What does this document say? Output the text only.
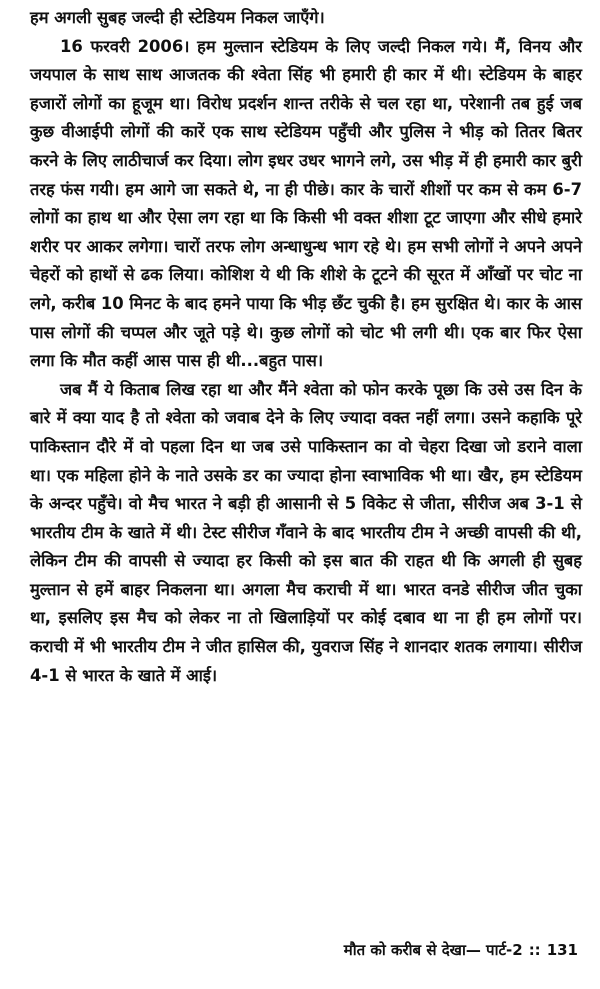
हम अगली सुबह जल्दी ही स्टेडियम निकल जाएँगे।

16 फरवरी 2006। हम मुल्तान स्टेडियम के लिए जल्दी निकल गये। मैं, विनय और जयपाल के साथ साथ आजतक की श्वेता सिंह भी हमारी ही कार में थी। स्टेडियम के बाहर हजारों लोगों का हूजूम था। विरोध प्रदर्शन शान्त तरीके से चल रहा था, परेशानी तब हुई जब कुछ वीआईपी लोगों की कारें एक साथ स्टेडियम पहुँची और पुलिस ने भीड़ को तितर बितर करने के लिए लाठीचार्ज कर दिया। लोग इधर उधर भागने लगे, उस भीड़ में ही हमारी कार बुरी तरह फंस गयी। हम आगे जा सकते थे, ना ही पीछे। कार के चारों शीशों पर कम से कम 6-7 लोगों का हाथ था और ऐसा लग रहा था कि किसी भी वक्त शीशा टूट जाएगा और सीधे हमारे शरीर पर आकर लगेगा। चारों तरफ लोग अन्धाधुन्ध भाग रहे थे। हम सभी लोगों ने अपने अपने चेहरों को हाथों से ढक लिया। कोशिश ये थी कि शीशे के टूटने की सूरत में आँखों पर चोट ना लगे, करीब 10 मिनट के बाद हमने पाया कि भीड़ छँट चुकी है। हम सुरक्षित थे। कार के आस पास लोगों की चप्पल और जूते पड़े थे। कुछ लोगों को चोट भी लगी थी। एक बार फिर ऐसा लगा कि मौत कहीं आस पास ही थी...बहुत पास।

जब मैं ये किताब लिख रहा था और मैंने श्वेता को फोन करके पूछा कि उसे उस दिन के बारे में क्या याद है तो श्वेता को जवाब देने के लिए ज्यादा वक्त नहीं लगा। उसने कहाकि पूरे पाकिस्तान दौरे में वो पहला दिन था जब उसे पाकिस्तान का वो चेहरा दिखा जो डराने वाला था। एक महिला होने के नाते उसके डर का ज्यादा होना स्वाभाविक भी था। खैर, हम स्टेडियम के अन्दर पहुँचे। वो मैच भारत ने बड़ी ही आसानी से 5 विकेट से जीता, सीरीज अब 3-1 से भारतीय टीम के खाते में थी। टेस्ट सीरीज गँवाने के बाद भारतीय टीम ने अच्छी वापसी की थी, लेकिन टीम की वापसी से ज्यादा हर किसी को इस बात की राहत थी कि अगली ही सुबह मुल्तान से हमें बाहर निकलना था। अगला मैच कराची में था। भारत वनडे सीरीज जीत चुका था, इसलिए इस मैच को लेकर ना तो खिलाड़ियों पर कोई दबाव था ना ही हम लोगों पर। कराची में भी भारतीय टीम ने जीत हासिल की, युवराज सिंह ने शानदार शतक लगाया। सीरीज 4-1 से भारत के खाते में आई।

मौत को करीब से देखा— पार्ट-2 :: 131
